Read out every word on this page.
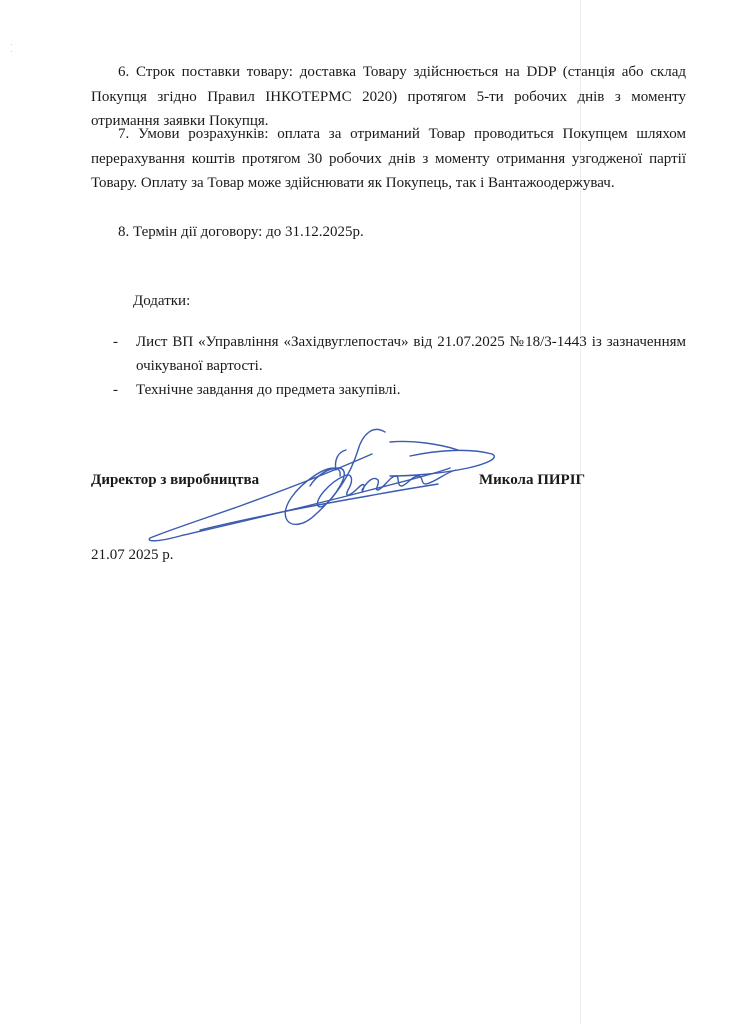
6. Строк поставки товару: доставка Товару здійснюється на DDP (станція або склад Покупця згідно Правил ІНКОТЕРМС 2020) протягом 5-ти робочих днів з моменту отримання заявки Покупця.
7. Умови розрахунків: оплата за отриманий Товар проводиться Покупцем шляхом перерахування коштів протягом 30 робочих днів з моменту отримання узгодженої партії Товару. Оплату за Товар може здійснювати як Покупець, так і Вантажоодержувач.
8. Термін дії договору: до 31.12.2025р.
Додатки:
- Лист ВП «Управління «Західвуглепостач» від 21.07.2025 №18/3-1443 із зазначенням очікуваної вартості.
- Технічне завдання до предмета закупівлі.
Директор з виробництва	Микола ПИРІГ
21.07 2025 р.
